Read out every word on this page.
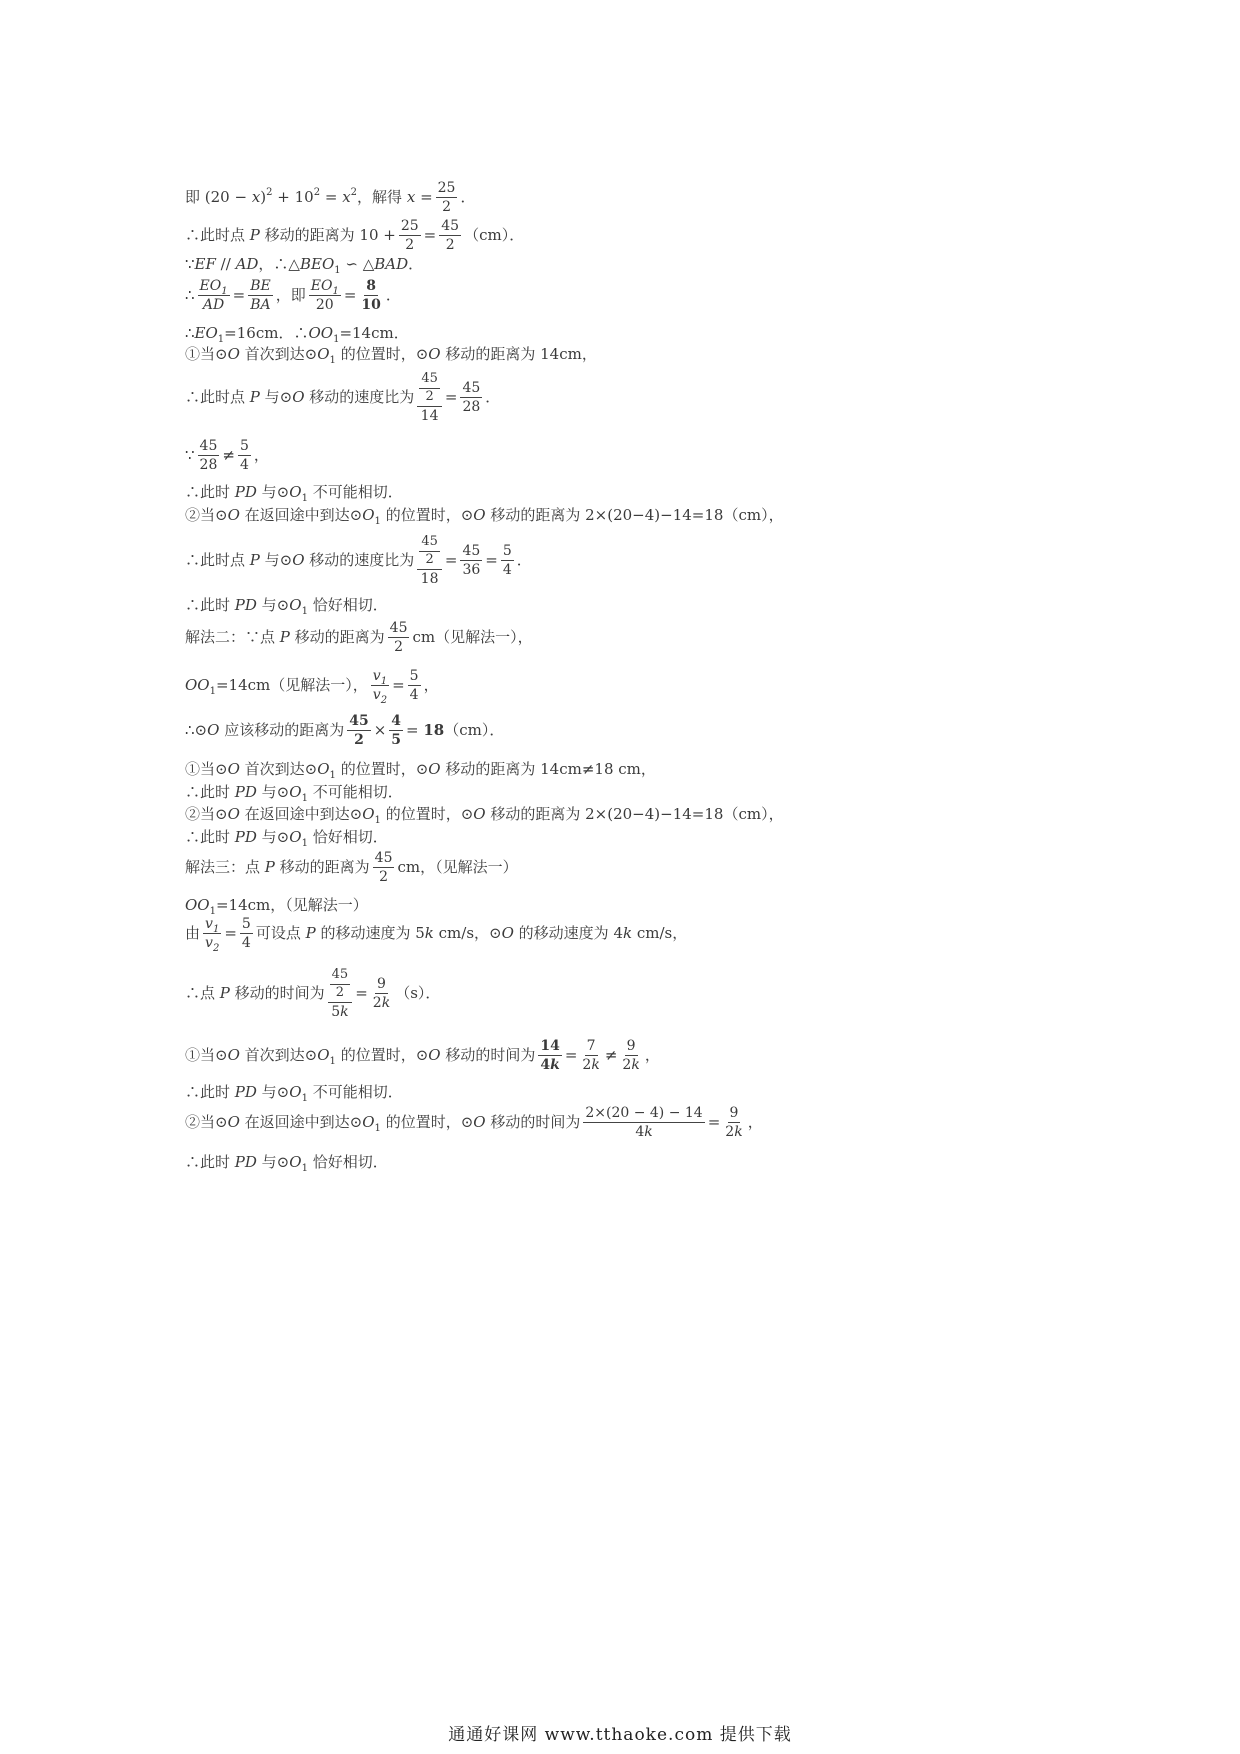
即 $(20 - x)^2 + 10^2 = x^2$，解得 $x = \frac{25}{2}$ ．
∴此时点 P 移动的距离为 $10 + \frac{25}{2} = \frac{45}{2} (cm)$．
∵EF // AD，$\therefore\triangle BEO_1$ ∽ △BAD．
∴ $\frac{EO_1}{AD} = \frac{BE}{BA}$ ，即 $\frac{EO_1}{20} = \frac{8}{10}$ ．
$\therefore EO_1=16cm$．$\therefore OO_1=14cm$．
①当⊙O 首次到达$⊙O_1$ 的位置时，⊙O 移动的距离为 14cm，
∴此时点 P 与⊙O 移动的速度比为 $\frac{\frac{45}{2}}{14} = \frac{45}{28}$ ．
∵ $\frac{45}{28} \ne \frac{5}{4}$ ，
∴此时 PD 与$⊙O_1$ 不可能相切．
②当⊙O 在返回途中到达$⊙O_1$ 的位置时，⊙O 移动的距离为 2×(20−4)−14=18（cm），
∴此时点 P 与⊙O 移动的速度比为 $\frac{\frac{45}{2}}{18} = \frac{45}{36} = \frac{5}{4}$ ．
∴此时 PD 与$⊙O_1$ 恰好相切．
解法二：∵点 P 移动的距离为 $\frac{45}{2} cm$（见解法一），
$OO_1=14cm$（见解法一）， $\frac{v_1}{v_2} = \frac{5}{4}$ ，
∴⊙O 应该移动的距离为 $\frac{45}{2} \times \frac{4}{5} = 18(cm)$．
①当⊙O 首次到达$⊙O_1$ 的位置时，⊙O 移动的距离为 14cm≠18 cm，
∴此时 PD 与$⊙O_1$ 不可能相切．
②当⊙O 在返回途中到达$⊙O_1$ 的位置时，⊙O 移动的距离为 2×(20−4)−14=18（cm），
∴此时 PD 与$⊙O_1$ 恰好相切．
解法三：点 P 移动的距离为 $\frac{45}{2}$ cm，（见解法一）
$OO_1=14cm$，（见解法一）
由 $\frac{v_1}{v_2} = \frac{5}{4}$ 可设点 P 的移动速度为 5k cm/s，⊙O 的移动速度为 4k cm/s，
∴点 P 移动的时间为 $\frac{\frac{45}{2}}{5k} = \frac{9}{2k} (s)$．
①当⊙O 首次到达$⊙O_1$ 的位置时，⊙O 移动的时间为 $\frac{14}{4k} = \frac{7}{2k} \ne \frac{9}{2k}$ ，
∴此时 PD 与$⊙O_1$ 不可能相切．
②当⊙O 在返回途中到达$⊙O_1$ 的位置时，⊙O 移动的时间为 $\frac{2\times(20 - 4) - 14}{4k} = \frac{9}{2k}$ ，
∴此时 PD 与$⊙O_1$ 恰好相切．
通通好课网 www.tthaoke.com 提供下载
